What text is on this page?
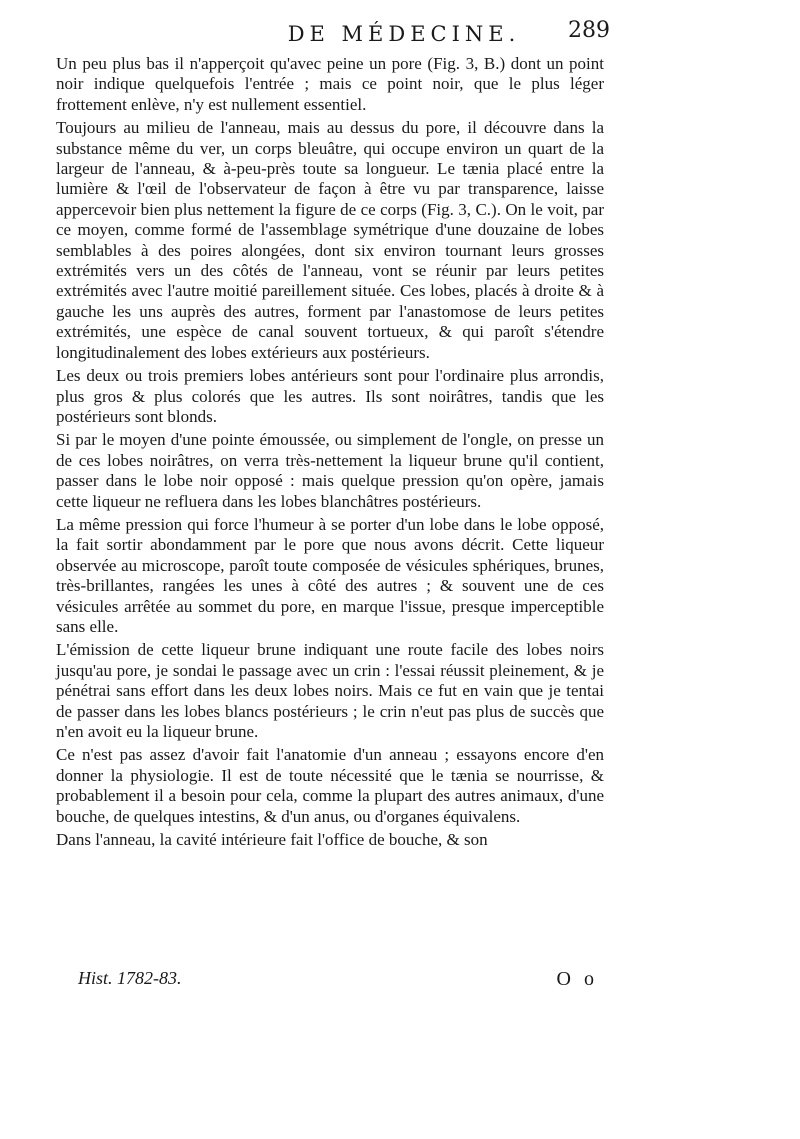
DE MÉDECINE.	289

Un peu plus bas il n'apperçoit qu'avec peine un pore (Fig. 3, B.) dont un point noir indique quelquefois l'entrée ; mais ce point noir, que le plus léger frottement enlève, n'y est nullement essentiel.

Toujours au milieu de l'anneau, mais au dessus du pore, il découvre dans la substance même du ver, un corps bleuâtre, qui occupe environ un quart de la largeur de l'anneau, & à-peu-près toute sa longueur. Le tænia placé entre la lumière & l'œil de l'observateur de façon à être vu par transparence, laisse appercevoir bien plus nettement la figure de ce corps (Fig. 3, C.). On le voit, par ce moyen, comme formé de l'assemblage symétrique d'une douzaine de lobes semblables à des poires alongées, dont six environ tournant leurs grosses extrémités vers un des côtés de l'anneau, vont se réunir par leurs petites extrémités avec l'autre moitié pareillement située. Ces lobes, placés à droite & à gauche les uns auprès des autres, forment par l'anastomose de leurs petites extrémités, une espèce de canal souvent tortueux, & qui paroît s'étendre longitudinalement des lobes extérieurs aux postérieurs.

Les deux ou trois premiers lobes antérieurs sont pour l'ordinaire plus arrondis, plus gros & plus colorés que les autres. Ils sont noirâtres, tandis que les postérieurs sont blonds.

Si par le moyen d'une pointe émoussée, ou simplement de l'ongle, on presse un de ces lobes noirâtres, on verra très-nettement la liqueur brune qu'il contient, passer dans le lobe noir opposé : mais quelque pression qu'on opère, jamais cette liqueur ne refluera dans les lobes blanchâtres postérieurs.

La même pression qui force l'humeur à se porter d'un lobe dans le lobe opposé, la fait sortir abondamment par le pore que nous avons décrit. Cette liqueur observée au microscope, paroît toute composée de vésicules sphériques, brunes, très-brillantes, rangées les unes à côté des autres ; & souvent une de ces vésicules arrêtée au sommet du pore, en marque l'issue, presque imperceptible sans elle.

L'émission de cette liqueur brune indiquant une route facile des lobes noirs jusqu'au pore, je sondai le passage avec un crin : l'essai réussit pleinement, & je pénétrai sans effort dans les deux lobes noirs. Mais ce fut en vain que je tentai de passer dans les lobes blancs postérieurs ; le crin n'eut pas plus de succès que n'en avoit eu la liqueur brune.

Ce n'est pas assez d'avoir fait l'anatomie d'un anneau ; essayons encore d'en donner la physiologie. Il est de toute nécessité que le tænia se nourrisse, & probablement il a besoin pour cela, comme la plupart des autres animaux, d'une bouche, de quelques intestins, & d'un anus, ou d'organes équivalens.

Dans l'anneau, la cavité intérieure fait l'office de bouche, & son

Hist. 1782-83.	O o
